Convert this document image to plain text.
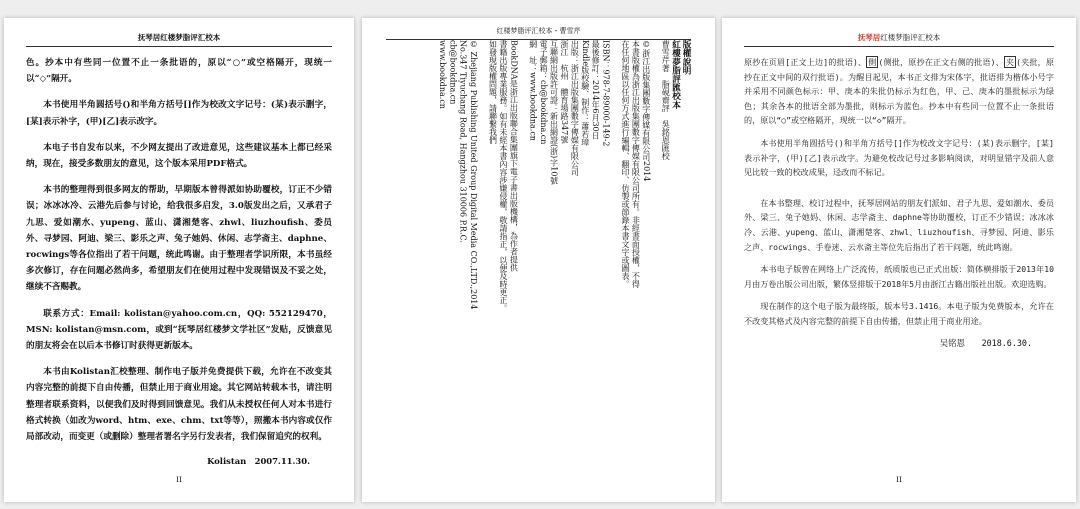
抚琴居红楼梦脂评汇校本

色。抄本中有些同一位置不止一条批语的，原以“○”或空格隔开，现统一以“◇”隔开。

本书使用半角圆括号()和半角方括号[]作为校改文字记号：(某)表示删字，[某]表示补字，(甲)[乙]表示改字。

本电子书自发布以来，不少网友提出了改进意见，这些建议基本上都已经采纳，现在，接受多数朋友的意见，这个版本采用PDF格式。

本书的整理得到很多网友的帮助，早期版本曾得派如协助覆校，订正不少错误；冰冰冰冷、云港先后参与讨论，给我很多启发，3.0版发出之后，又承君子九思、爱如潮水、yupeng、蓝山、潇湘楚客、zhwl、liuzhoufish、委员外、寻梦园、阿迪、梁三、影乐之声、兔子她妈、休闲、志学斋主、daphne、rocwings等各位指出了若干问题，统此鸣谢。由于整理者学识所限，本书虽经多次修订，存在问题必然尚多，希望朋友们在使用过程中发现错误及不妥之处，继续不吝赐教。

联系方式：Email: kolistan@yahoo.com.cn，QQ: 552129470，MSN: kolistan@msn.com，或到“抚琴居红楼梦文学社区”发贴，反馈意见的朋友将会在以后本书修订时获得更新版本。

本书由Kolistan汇校整理、制作电子版并免费提供下载，允许在不改变其内容完整的前提下自由传播，但禁止用于商业用途。其它网站转载本书，请注明整理者联系资料，以便我们及时得到回馈意见。我们从未授权任何人对本书进行格式转换（如改为word、htm、exe、chm、txt等等），照搬本书内容或仅作局部改动，而变更（或删除）整理者署名字另行发表者，我们保留追究的权利。

Kolistan　2007.11.30.
II
红楼梦脂评汇校本・曹雪芹
版權說明
紅樓夢脂評匯校本
曹雪芹著　脂硯齋評　吳銘恩匯校
©浙江出版集團數字傳媒有限公司2014
本書版權為浙江出版集團數字傳媒有限公司所有。非經書面授權，不得
在任何地區以任何方式進行編輯、翻印、仿製或節錄本書文字或圖表。
ISBN：978-7-89000-149-2
最後修訂：2014年6月30日
Kindle版校驗、制作：蕭若璋
出版：浙江出版集團數字傳媒有限公司
浙江　杭州　體育場路347號
互聯網出版許可證：新出網證(浙)字10號
電子郵箱：cb@bookdna.cn
網　址：www.bookdna.cn
BookDNA是浙江出版聯合集團旗下電子書出版機構，為作者提供
書籍出版專業服務。如有未經本書內容涉嫌侵權，敬請指正，以便及時更正。
如發現版權問題，請聯繫我們
© Zhejiang Publishing United Group Digital Media CO.,LTD.,2014
No.347 Tiyuchang Road, Hangzhou 310006 P.R.C.
cb@bookdna.cn
www.bookdna.cn
抚琴居红楼梦脂评汇校本

原抄在页眉[正文上边]的批语)、 側 (侧批，原抄在正文右侧的批语)、 夹 (夹批，原抄在正文中间的双行批语)。为醒目起见，本书正文排为宋体字，批语排为楷体小号字并采用不同颜色标示：甲、庚本的朱批仍标示为红色，甲、己、庚本的墨批标示为绿色；其余各本的批语全部为墨批，则标示为蓝色。抄本中有些同一位置不止一条批语的，原以“○”或空格隔开，现统一以“◇”隔开。

本书使用半角圆括号()和半角方括号[]作为校改文字记号：(某)表示删字，[某]表示补字，(甲)[乙]表示改字。为避免校改记号过多影响阅读，对明显错字及前人意见比较一致的校改成果，迳改而不标记。

在本书整理、校订过程中，抚琴居网站的朋友们派如、君子九思、爱如潮水、委员外、梁三、兔子她妈、休闲、志学斋主、daphne等协助覆校，订正不少错误；冰冰冰冷、云港、yupeng、蓝山、潇湘楚客、zhwl、liuzhoufish、寻梦园、阿迪、影乐之声、rocwings、手卷迷、云水斋主等位先后指出了若干问题，统此鸣谢。

本书电子版曾在网络上广泛流传，纸质版也已正式出版：简体横排版于2013年10月由万卷出版公司出版，繁体竖排版于2018年5月由浙江古籍出版社出版。欢迎选购。

现在制作的这个电子版为最终版，版本号3.1416。本电子版为免费版本，允许在不改变其格式及内容完整的前提下自由传播，但禁止用于商业用途。

吴铭恩　　2018.6.30.
II
